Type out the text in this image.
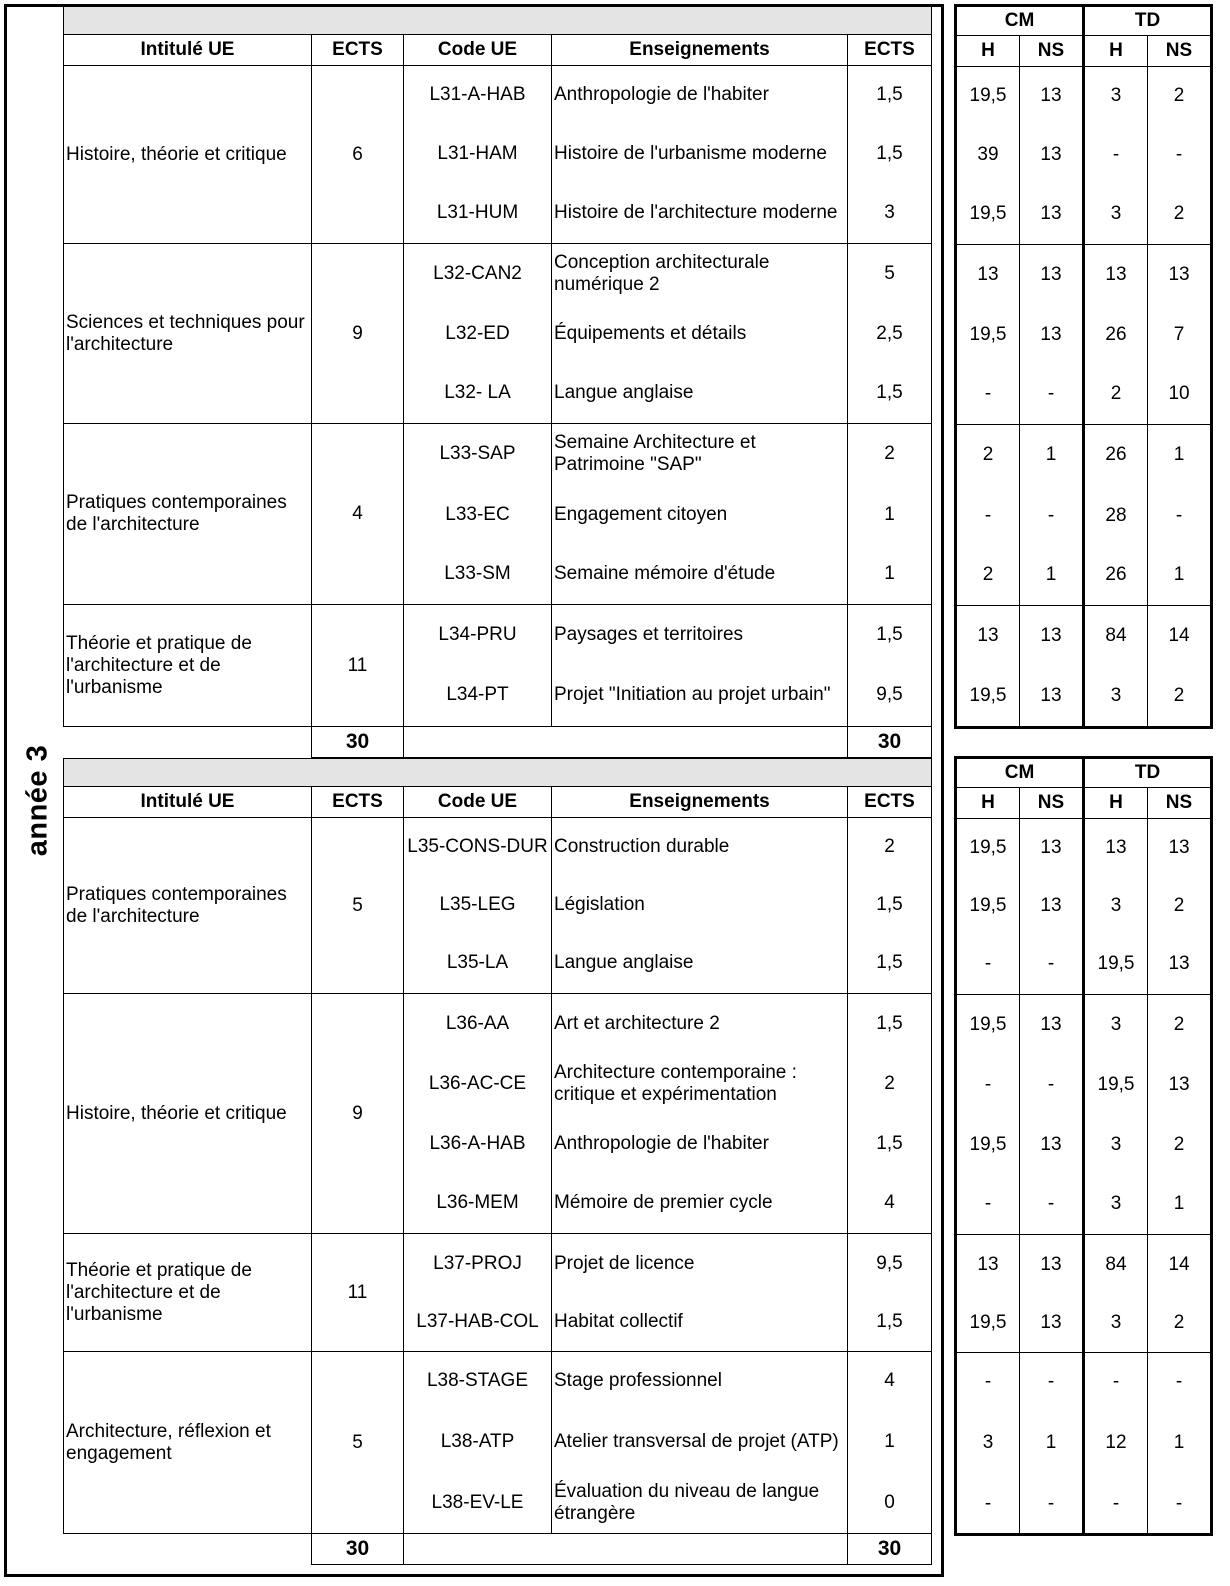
année 3

Intitulé UE	ECTS	Code UE	Enseignements	ECTS
Histoire, théorie et critique	6	L31-A-HAB	Anthropologie de l'habiter	1,5
		L31-HAM	Histoire de l'urbanisme moderne	1,5
		L31-HUM	Histoire de l'architecture moderne	3
Sciences et techniques pour l'architecture	9	L32-CAN2	Conception architecturale numérique 2	5
		L32-ED	Équipements et détails	2,5
		L32- LA	Langue anglaise	1,5
Pratiques contemporaines de l'architecture	4	L33-SAP	Semaine Architecture et Patrimoine "SAP"	2
		L33-EC	Engagement citoyen	1
		L33-SM	Semaine mémoire d'étude	1
Théorie et pratique de l'architecture et de l'urbanisme	11	L34-PRU	Paysages et territoires	1,5
		L34-PT	Projet "Initiation au projet urbain"	9,5
	30			30
CM		TD	
H	NS	H	NS
19,5	13	3	2
39	13	-	-
19,5	13	3	2
13	13	13	13
19,5	13	26	7
-	-	2	10
2	1	26	1
-	-	28	-
2	1	26	1
13	13	84	14
19,5	13	3	2

Intitulé UE	ECTS	Code UE	Enseignements	ECTS
Pratiques contemporaines de l'architecture	5	L35-CONS-DUR	Construction durable	2
		L35-LEG	Législation	1,5
		L35-LA	Langue anglaise	1,5
Histoire, théorie et critique	9	L36-AA	Art et architecture 2	1,5
		L36-AC-CE	Architecture contemporaine : critique et expérimentation	2
		L36-A-HAB	Anthropologie de l'habiter	1,5
		L36-MEM	Mémoire de premier cycle	4
Théorie et pratique de l'architecture et de l'urbanisme	11	L37-PROJ	Projet de licence	9,5
		L37-HAB-COL	Habitat collectif	1,5
Architecture, réflexion et engagement	5	L38-STAGE	Stage professionnel	4
		L38-ATP	Atelier transversal de projet (ATP)	1
		L38-EV-LE	Évaluation du niveau de langue étrangère	0
	30			30
CM		TD	
H	NS	H	NS
19,5	13	13	13
19,5	13	3	2
-	-	19,5	13
19,5	13	3	2
-	-	19,5	13
19,5	13	3	2
-	-	3	1
13	13	84	14
19,5	13	3	2
-	-	-	-
3	1	12	1
-	-	-	-
